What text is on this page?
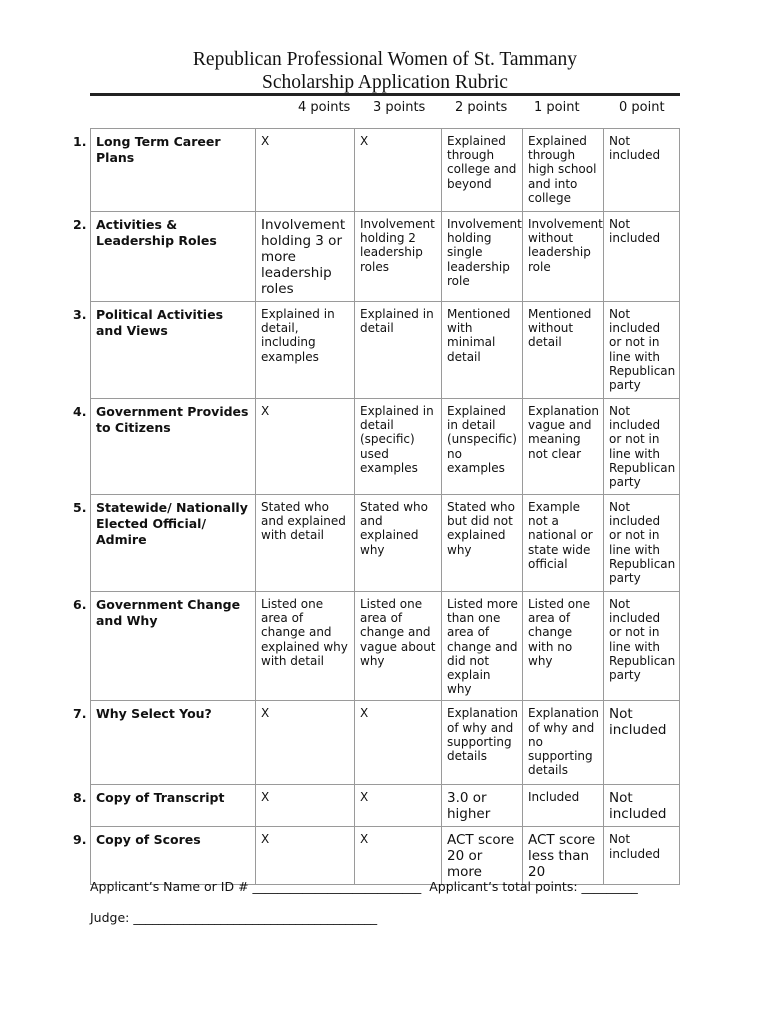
Republican Professional Women of St. Tammany
Scholarship Application Rubric
4 points 3 points 2 points 1 point	0 point
1. Long Term Career Plans	X	X	Explained through college and beyond	Explained through high school and into college	Not included

2. Activities & Leadership Roles	Involvement holding 3 or more leadership roles	Involvement holding 2 leadership roles	Involvement holding single leadership role	Involvement without leadership role	Not included

3. Political Activities and Views	Explained in detail, including examples	Explained in detail	Mentioned with minimal detail	Mentioned without detail	Not included or not in line with Republican party

4. Government Provides to Citizens	X	Explained in detail (specific) used examples	Explained in detail (unspecific) no examples	Explanation vague and meaning not clear	Not included or not in line with Republican party

5. Statewide/ Nationally Elected Official/ Admire	Stated who and explained with detail	Stated who and explained why	Stated who but did not explained why	Example not a national or state wide official	Not included or not in line with Republican party

6. Government Change and Why	Listed one area of change and explained why with detail	Listed one area of change and vague about why	Listed more than one area of change and did not explain why	Listed one area of change with no why	Not included or not in line with Republican party

7. Why Select You?	X	X	Explanation of why and supporting details	Explanation of why and no supporting details	Not included

8. Copy of Transcript	X	X	3.0 or higher	Included	Not included

9. Copy of Scores	X	X	ACT score 20 or more	ACT score less than 20	Not included
Applicant’s Name or ID # ___________________________  Applicant’s total points: _________
Judge: _______________________________________
